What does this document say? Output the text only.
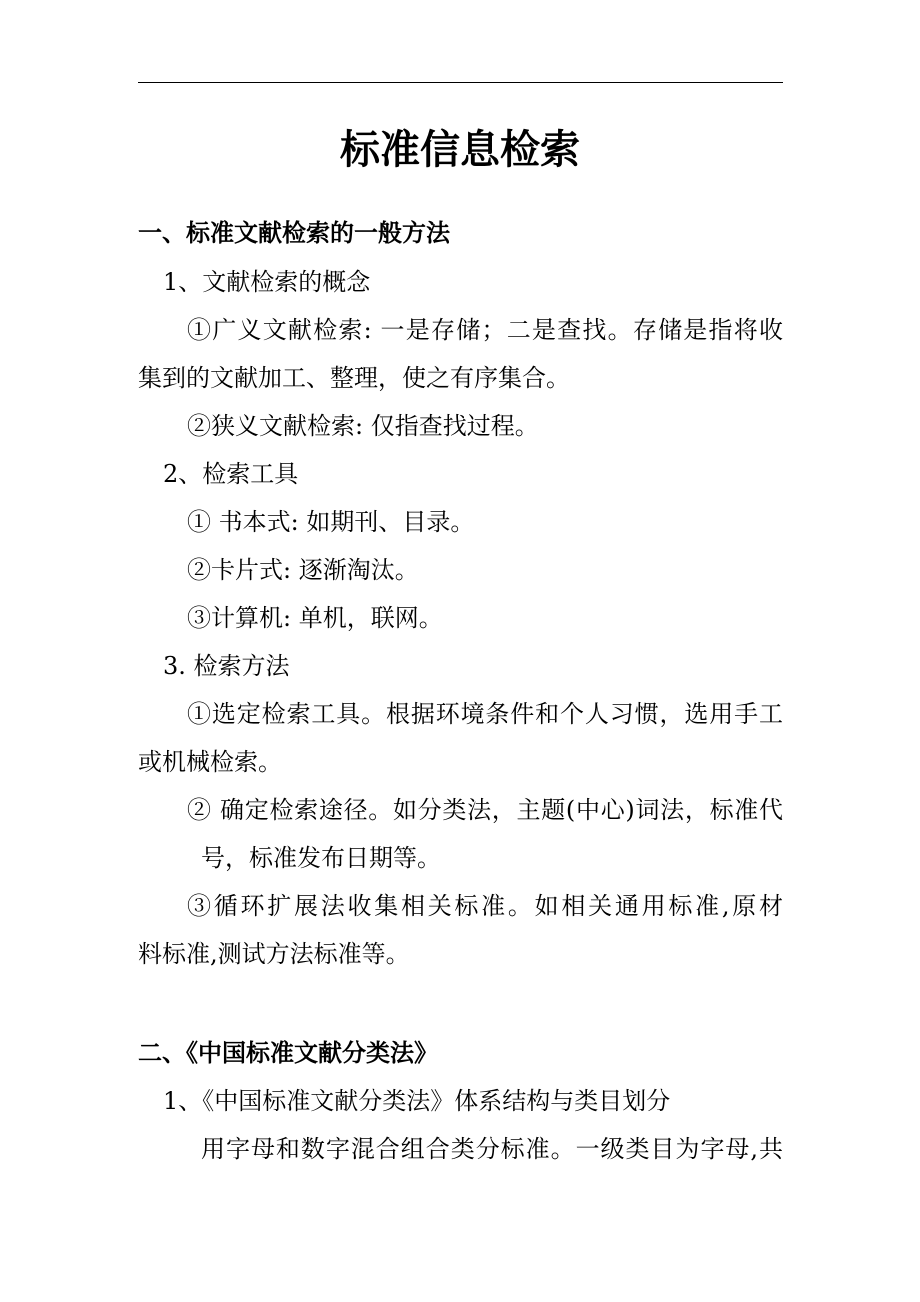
标准信息检索
一、标准文献检索的一般方法
1、文献检索的概念
①广义文献检索: 一是存储；二是查找。存储是指将收
集到的文献加工、整理，使之有序集合。
②狭义文献检索: 仅指查找过程。
2、检索工具
① 书本式: 如期刊、目录。
②卡片式: 逐渐淘汰。
③计算机: 单机，联网。
3. 检索方法
①选定检索工具。根据环境条件和个人习惯，选用手工
或机械检索。
② 确定检索途径。如分类法，主题(中心)词法，标准代
号，标准发布日期等。
③循环扩展法收集相关标准。如相关通用标准,原材
料标准,测试方法标准等。
二、《中国标准文献分类法》
1、《中国标准文献分类法》体系结构与类目划分
用字母和数字混合组合类分标准。一级类目为字母,共
